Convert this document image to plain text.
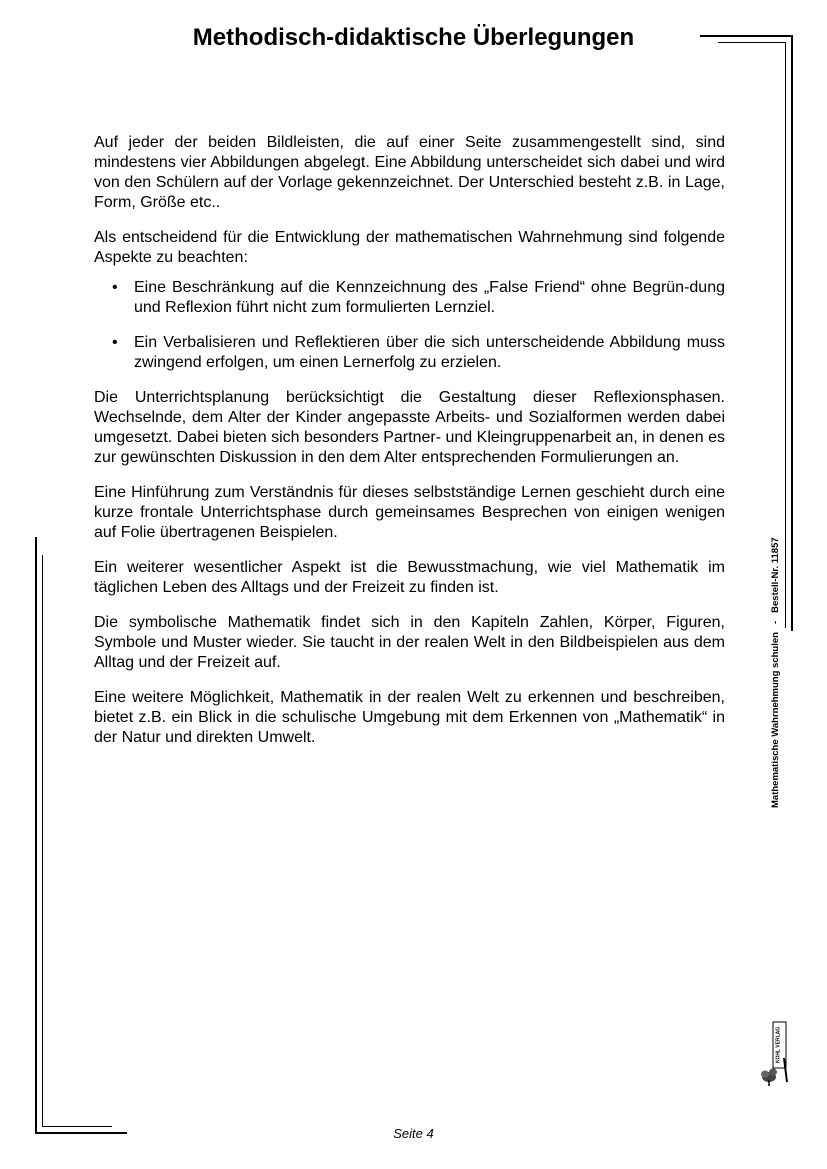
Methodisch-didaktische Überlegungen

Auf jeder der beiden Bildleisten, die auf einer Seite zusammengestellt sind, sind mindestens vier Abbildungen abgelegt. Eine Abbildung unterscheidet sich dabei und wird von den Schülern auf der Vorlage gekennzeichnet. Der Unterschied besteht z.B. in Lage, Form, Größe etc..

Als entscheidend für die Entwicklung der mathematischen Wahrnehmung sind folgende Aspekte zu beachten:

• Eine Beschränkung auf die Kennzeichnung des „False Friend“ ohne Begrün-dung und Reflexion führt nicht zum formulierten Lernziel.
• Ein Verbalisieren und Reflektieren über die sich unterscheidende Abbildung muss zwingend erfolgen, um einen Lernerfolg zu erzielen.

Die Unterrichtsplanung berücksichtigt die Gestaltung dieser Reflexionsphasen. Wechselnde, dem Alter der Kinder angepasste Arbeits- und Sozialformen werden dabei umgesetzt. Dabei bieten sich besonders Partner- und Kleingruppenarbeit an, in denen es zur gewünschten Diskussion in den dem Alter entsprechenden Formulierungen an.

Eine Hinführung zum Verständnis für dieses selbstständige Lernen geschieht durch eine kurze frontale Unterrichtsphase durch gemeinsames Besprechen von einigen wenigen auf Folie übertragenen Beispielen.

Ein weiterer wesentlicher Aspekt ist die Bewusstmachung, wie viel Mathematik im täglichen Leben des Alltags und der Freizeit zu finden ist.

Die symbolische Mathematik findet sich in den Kapiteln Zahlen, Körper, Figuren, Symbole und Muster wieder. Sie taucht in der realen Welt in den Bildbeispielen aus dem Alltag und der Freizeit auf.

Eine weitere Möglichkeit, Mathematik in der realen Welt zu erkennen und beschreiben, bietet z.B. ein Blick in die schulische Umgebung mit dem Erkennen von „Mathematik“ in der Natur und direkten Umwelt.	Mathematische Wahrnehmung schulen-Bestell-Nr. 11857
KOHL VERLAG
Seite 4
